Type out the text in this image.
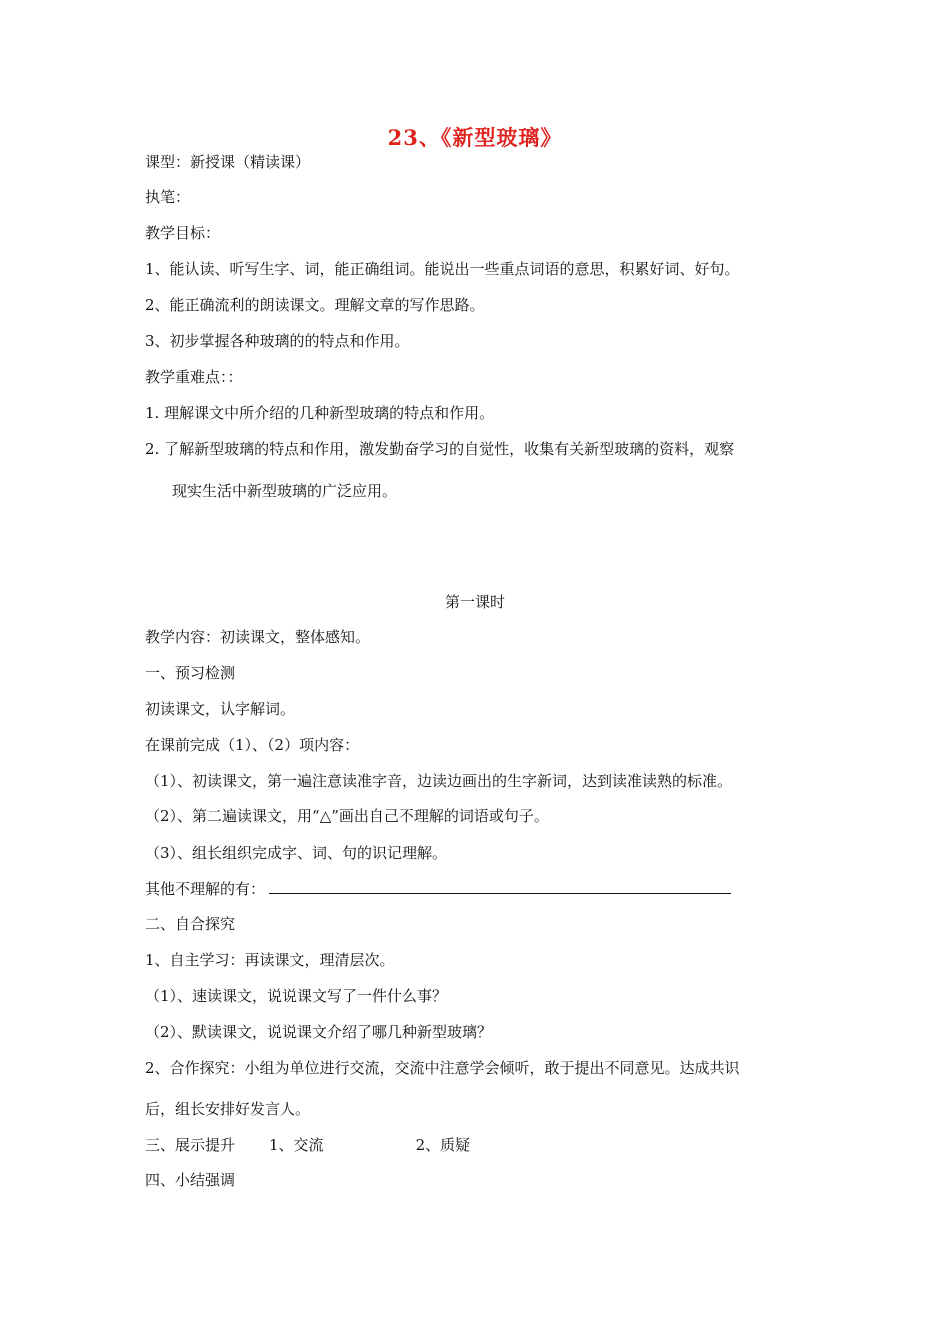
23、《新型玻璃》
课型：新授课（精读课）
执笔：
教学目标：
1、能认读、听写生字、词，能正确组词。能说出一些重点词语的意思，积累好词、好句。
2、能正确流利的朗读课文。理解文章的写作思路。
3、初步掌握各种玻璃的的特点和作用。
教学重难点：：
1. 理解课文中所介绍的几种新型玻璃的特点和作用。
2. 了解新型玻璃的特点和作用，激发勤奋学习的自觉性，收集有关新型玻璃的资料，观察
现实生活中新型玻璃的广泛应用。
第一课时
教学内容：初读课文，整体感知。
一、预习检测
初读课文，认字解词。
在课前完成（1）、（2）项内容：
（1）、初读课文，第一遍注意读准字音，边读边画出的生字新词，达到读准读熟的标准。
（2）、第二遍读课文，用“△”画出自己不理解的词语或句子。
（3）、组长组织完成字、词、句的识记理解。
其他不理解的有：
二、自合探究
1、自主学习：再读课文，理清层次。
（1）、速读课文，说说课文写了一件什么事？
（2）、默读课文，说说课文介绍了哪几种新型玻璃？
2、合作探究：小组为单位进行交流，交流中注意学会倾听，敢于提出不同意见。达成共识
后，组长安排好发言人。
三、展示提升 1、交流	2、质疑
四、小结强调
